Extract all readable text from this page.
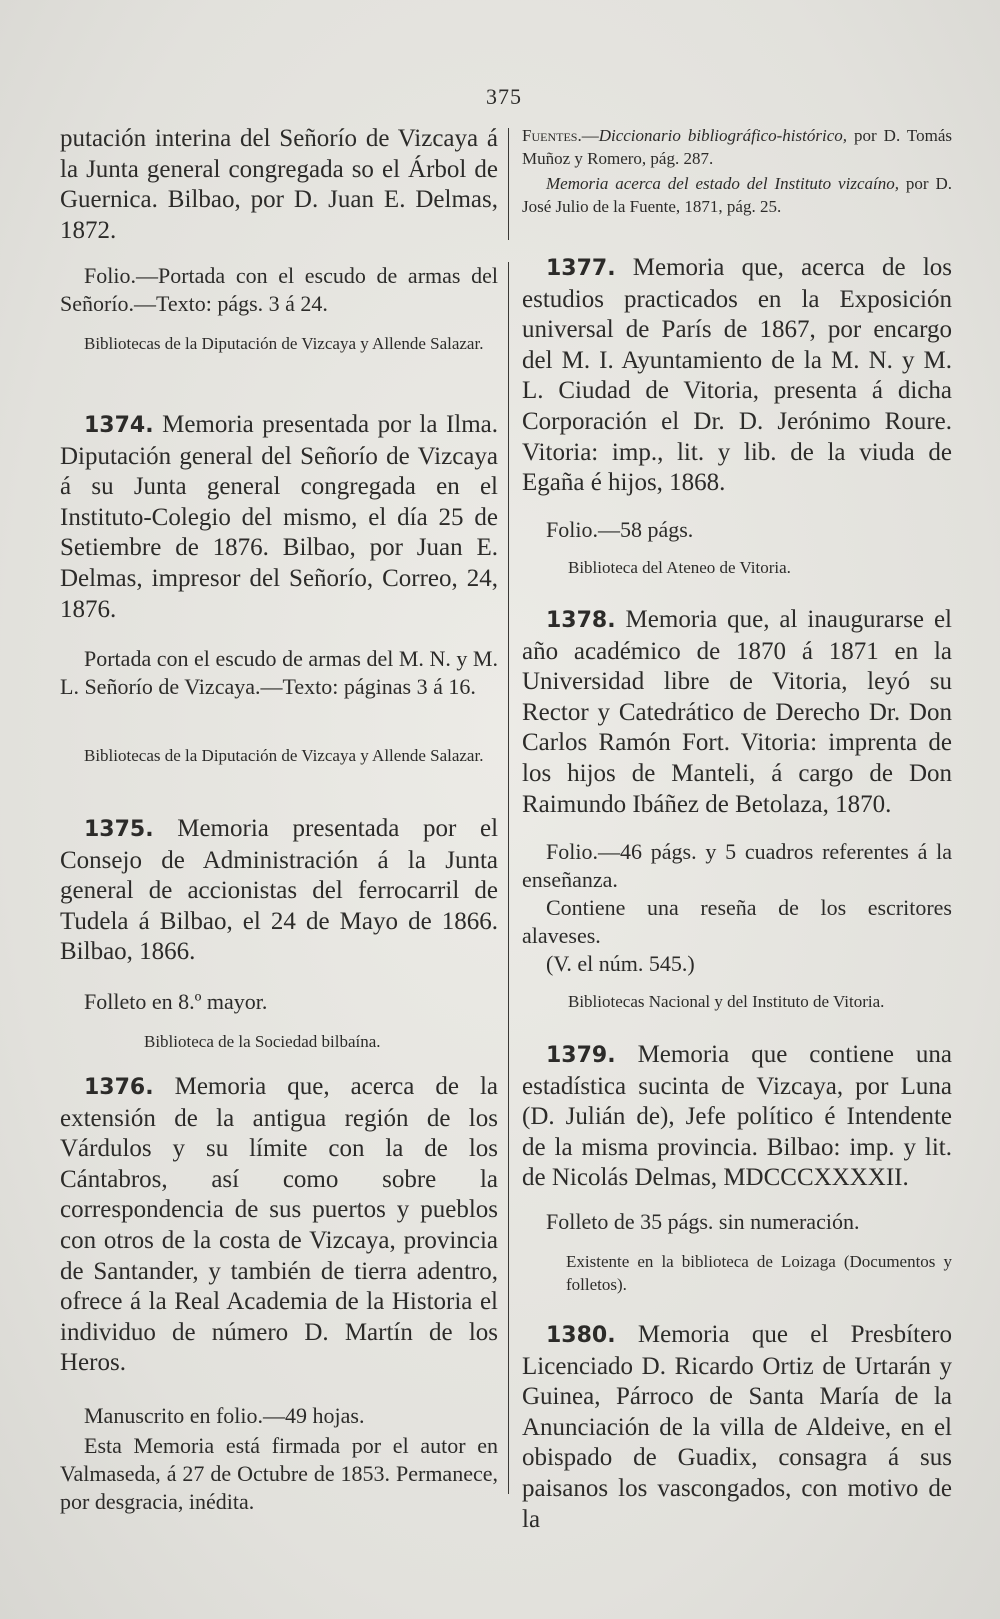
375

putación interina del Señorío de Vizcaya á la Junta general congregada so el Árbol de Guernica. Bilbao, por D. Juan E. Delmas, 1872.

Folio.—Portada con el escudo de armas del Señorío.—Texto: págs. 3 á 24.

Bibliotecas de la Diputación de Vizcaya y Allende Salazar.

1374. Memoria presentada por la Ilma. Diputación general del Señorío de Vizcaya á su Junta general congregada en el Instituto-Colegio del mismo, el día 25 de Setiembre de 1876. Bilbao, por Juan E. Delmas, impresor del Señorío, Correo, 24, 1876.

Portada con el escudo de armas del M. N. y M. L. Señorío de Vizcaya.—Texto: páginas 3 á 16.

Bibliotecas de la Diputación de Vizcaya y Allende Salazar.

1375. Memoria presentada por el Consejo de Administración á la Junta general de accionistas del ferrocarril de Tudela á Bilbao, el 24 de Mayo de 1866. Bilbao, 1866.

Folleto en 8.º mayor.

Biblioteca de la Sociedad bilbaína.

1376. Memoria que, acerca de la extensión de la antigua región de los Várdulos y su límite con la de los Cántabros, así como sobre la correspondencia de sus puertos y pueblos con otros de la costa de Vizcaya, provincia de Santander, y también de tierra adentro, ofrece á la Real Academia de la Historia el individuo de número D. Martín de los Heros.

Manuscrito en folio.—49 hojas.

Esta Memoria está firmada por el autor en Valmaseda, á 27 de Octubre de 1853. Permanece, por desgracia, inédita.

Fuentes.—Diccionario bibliográfico-histórico, por D. Tomás Muñoz y Romero, pág. 287.

Memoria acerca del estado del Instituto vizcaíno, por D. José Julio de la Fuente, 1871, pág. 25.

1377. Memoria que, acerca de los estudios practicados en la Exposición universal de París de 1867, por encargo del M. I. Ayuntamiento de la M. N. y M. L. Ciudad de Vitoria, presenta á dicha Corporación el Dr. D. Jerónimo Roure. Vitoria: imp., lit. y lib. de la viuda de Egaña é hijos, 1868.

Folio.—58 págs.

Biblioteca del Ateneo de Vitoria.

1378. Memoria que, al inaugurarse el año académico de 1870 á 1871 en la Universidad libre de Vitoria, leyó su Rector y Catedrático de Derecho Dr. Don Carlos Ramón Fort. Vitoria: imprenta de los hijos de Manteli, á cargo de Don Raimundo Ibáñez de Betolaza, 1870.

Folio.—46 págs. y 5 cuadros referentes á la enseñanza.

Contiene una reseña de los escritores alaveses.

(V. el núm. 545.)

Bibliotecas Nacional y del Instituto de Vitoria.

1379. Memoria que contiene una estadística sucinta de Vizcaya, por Luna (D. Julián de), Jefe político é Intendente de la misma provincia. Bilbao: imp. y lit. de Nicolás Delmas, MDCCCXXXXII.

Folleto de 35 págs. sin numeración.

Existente en la biblioteca de Loizaga (Documentos y folletos).

1380. Memoria que el Presbítero Licenciado D. Ricardo Ortiz de Urtarán y Guinea, Párroco de Santa María de la Anunciación de la villa de Aldeive, en el obispado de Guadix, consagra á sus paisanos los vascongados, con motivo de la
